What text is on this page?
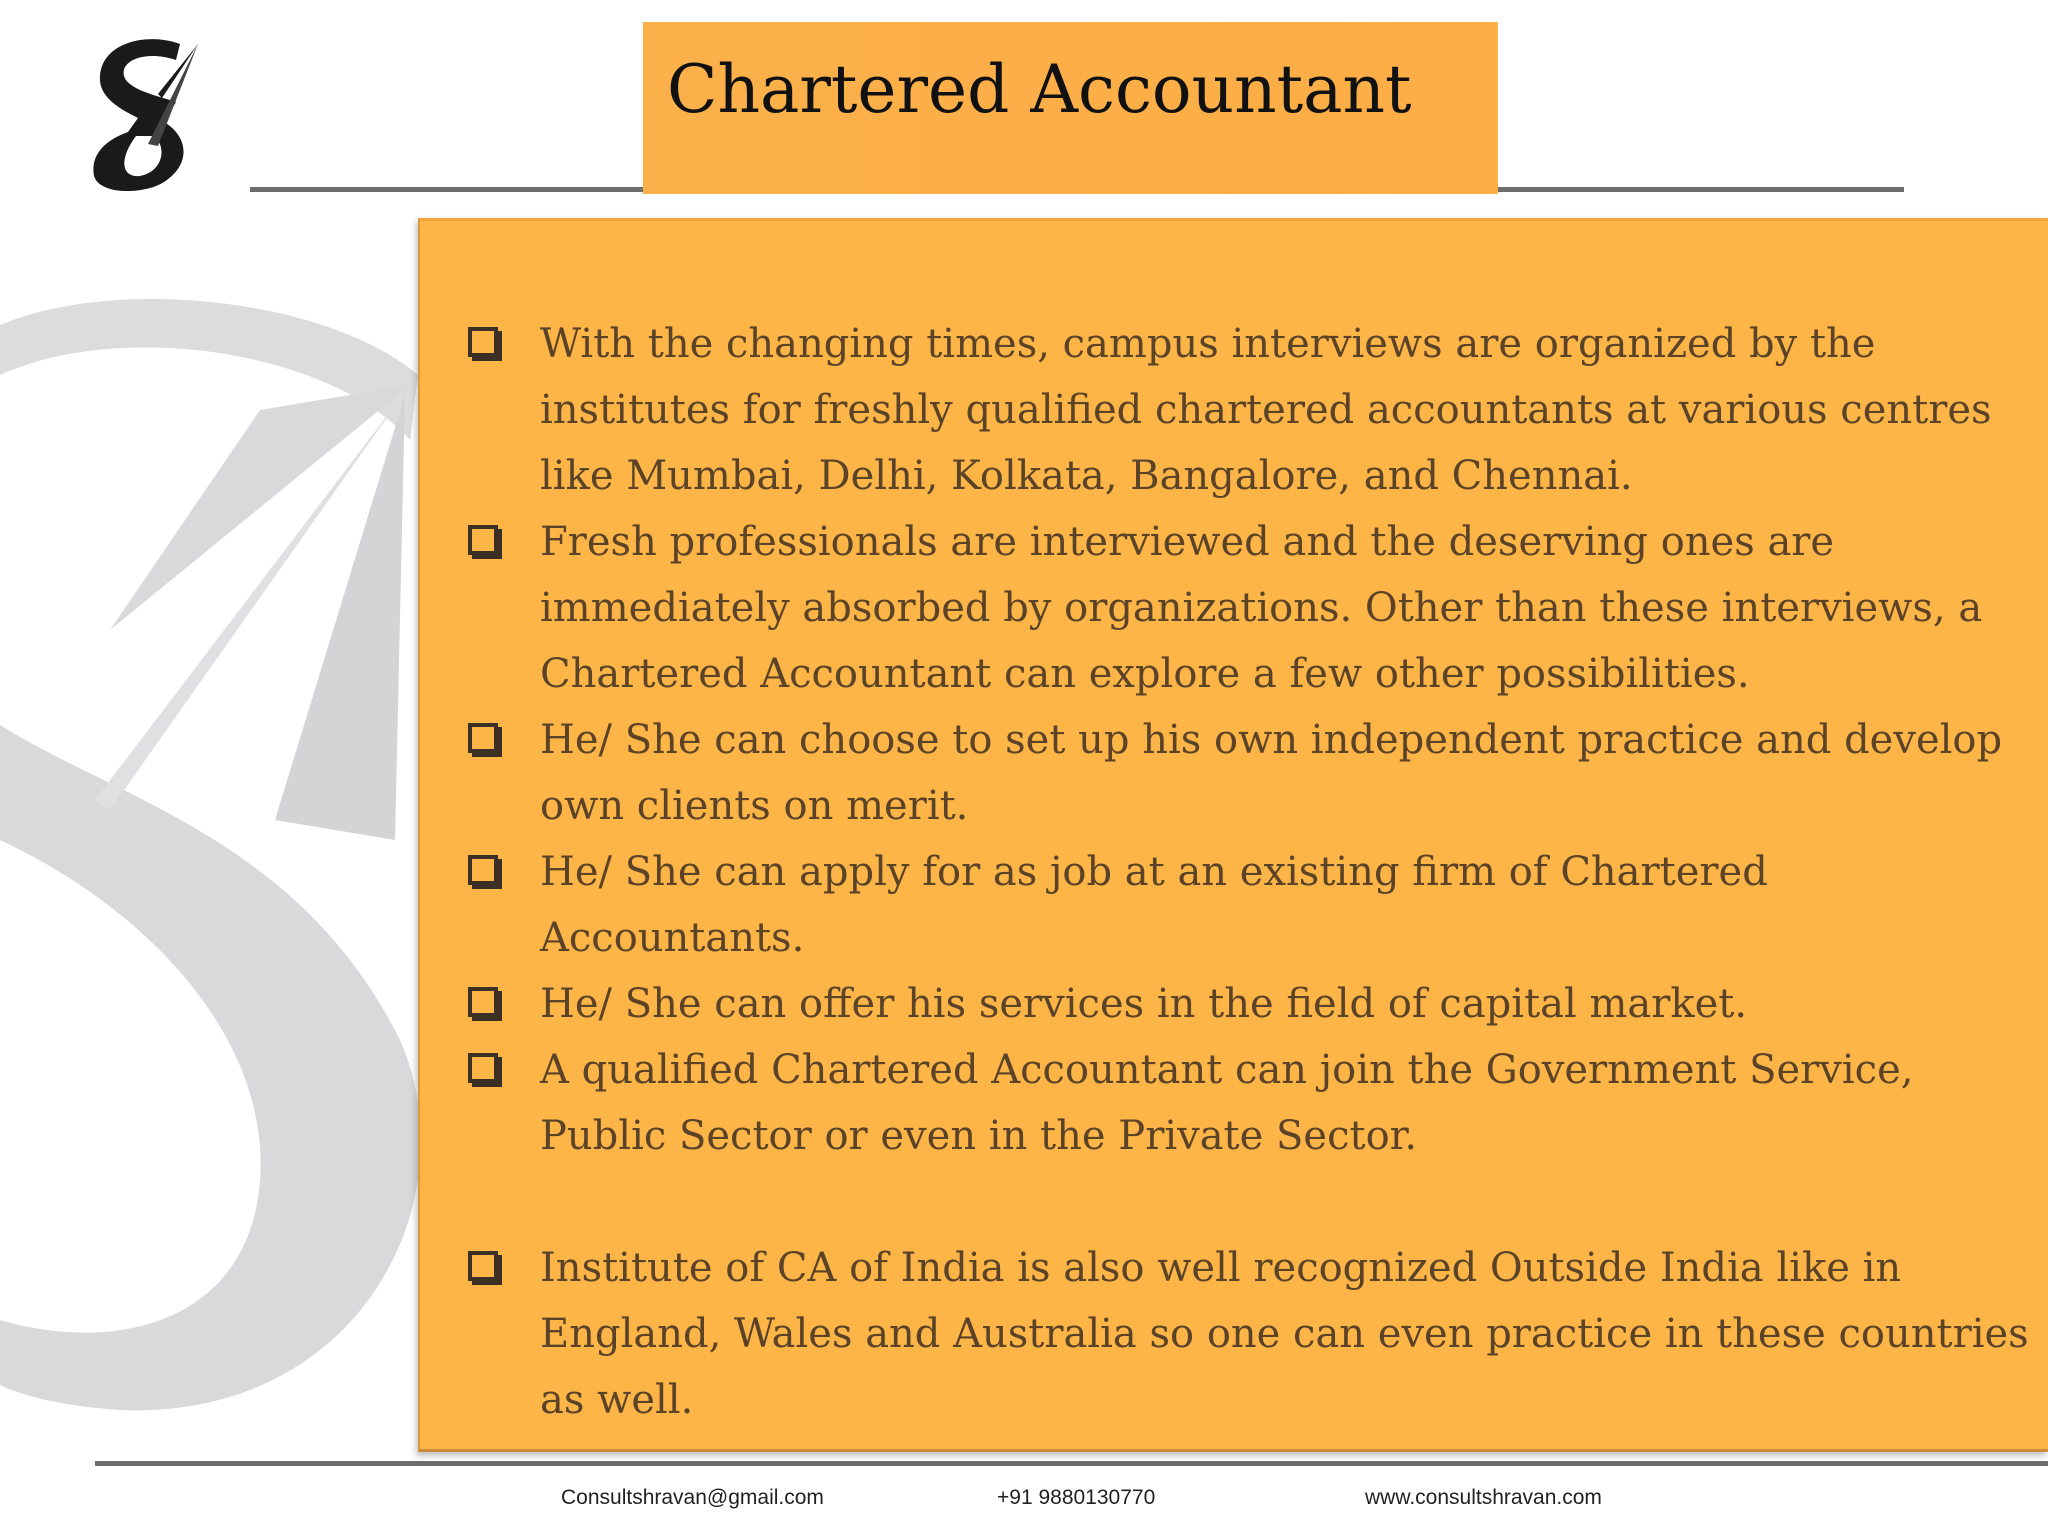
Chartered Accountant
With the changing times, campus interviews are organized by the institutes for freshly qualified chartered accountants at various centres like Mumbai, Delhi, Kolkata, Bangalore, and Chennai.
Fresh professionals are interviewed and the deserving ones are immediately absorbed by organizations. Other than these interviews, a Chartered Accountant can explore a few other possibilities.
He/ She can choose to set up his own independent practice and develop own clients on merit.
He/ She can apply for as job at an existing firm of Chartered Accountants.
He/ She can offer his services in the field of capital market.
A qualified Chartered Accountant can join the Government Service, Public Sector or even in the Private Sector.
Institute of CA of India is also well recognized Outside India like in England, Wales and Australia so one can even practice in these countries as well.
Consultshravan@gmail.com	+91 9880130770	www.consultshravan.com
